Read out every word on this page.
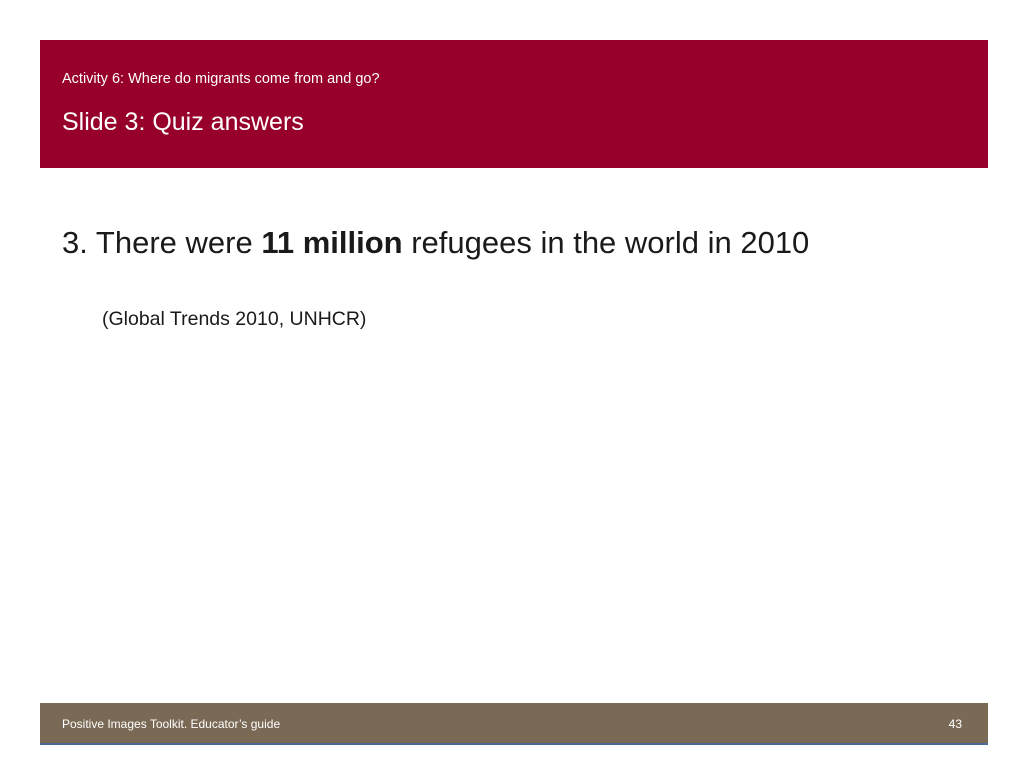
Activity 6: Where do migrants come from and go?
Slide 3: Quiz answers
3. There were 11 million refugees in the world in 2010
(Global Trends 2010, UNHCR)
Positive Images Toolkit. Educator’s guide	43
